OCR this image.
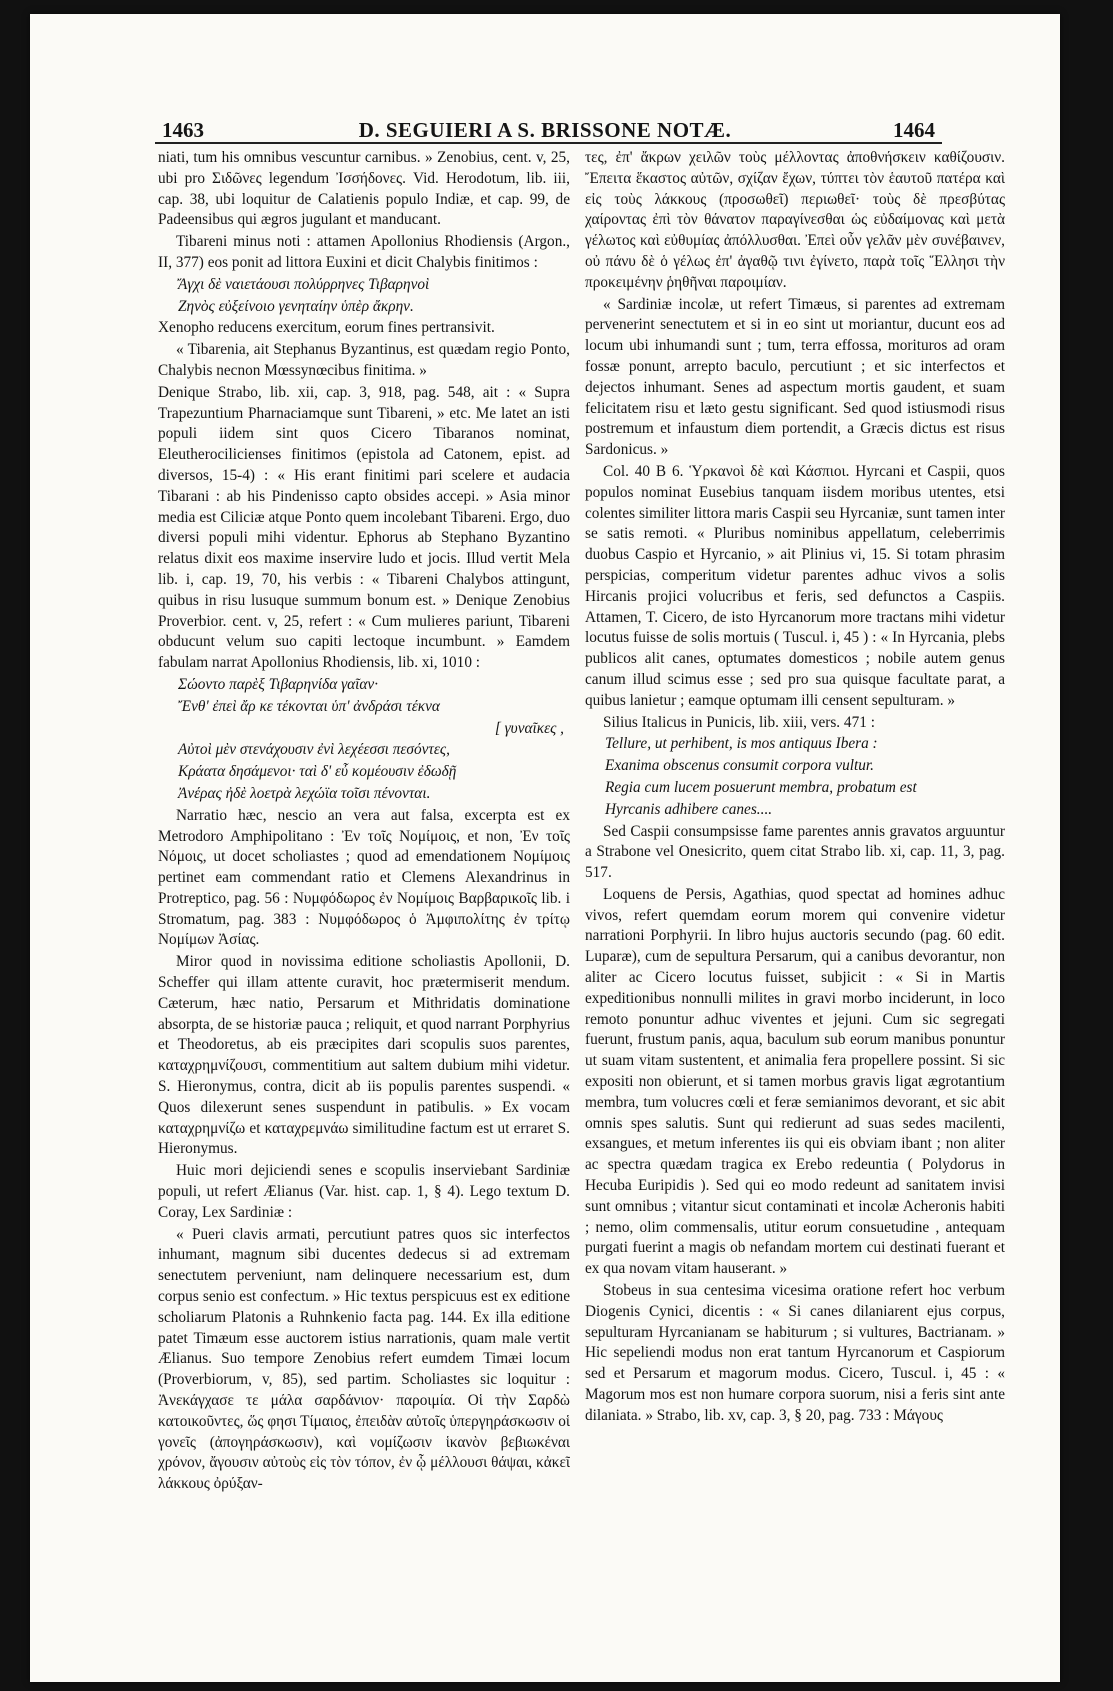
1463	D. SEGUIERI A S. BRISSONE NOTÆ.	1464

niati, tum his omnibus vescuntur carnibus. » Zenobius, cent. v, 25, ubi pro Σιδῶνες legendum Ἰσσήδονες. Vid. Herodotum, lib. iii, cap. 38, ubi loquitur de Calatienis populo Indiæ, et cap. 99, de Padeensibus qui ægros jugulant et manducant.

Tibareni minus noti : attamen Apollonius Rhodiensis (Argon., II, 377) eos ponit ad littora Euxini et dicit Chalybis finitimos :

Ἄγχι δὲ ναιετάουσι πολύρρηνες Τιβαρηνοὶ

Ζηνὸς εὐξείνοιο γενηταίην ὑπὲρ ἄκρην.

Xenopho reducens exercitum, eorum fines pertransivit.

« Tibarenia, ait Stephanus Byzantinus, est quædam regio Ponto, Chalybis necnon Mœssynœcibus finitima. »

Denique Strabo, lib. xii, cap. 3, 918, pag. 548, ait : « Supra Trapezuntium Pharnaciamque sunt Tibareni, » etc. Me latet an isti populi iidem sint quos Cicero Tibaranos nominat, Eleutherocilicienses finitimos (epistola ad Catonem, epist. ad diversos, 15-4) : « His erant finitimi pari scelere et audacia Tibarani : ab his Pindenisso capto obsides accepi. » Asia minor media est Ciliciæ atque Ponto quem incolebant Tibareni. Ergo, duo diversi populi mihi videntur. Ephorus ab Stephano Byzantino relatus dixit eos maxime inservire ludo et jocis. Illud vertit Mela lib. i, cap. 19, 70, his verbis : « Tibareni Chalybos attingunt, quibus in risu lusuque summum bonum est. » Denique Zenobius Proverbior. cent. v, 25, refert : « Cum mulieres pariunt, Tibareni obducunt velum suo capiti lectoque incumbunt. » Eamdem fabulam narrat Apollonius Rhodiensis, lib. xi, 1010 :

Σώοντο παρὲξ Τιβαρηνίδα γαῖαν·

Ἔνθ' ἐπεὶ ἄρ κε τέκονται ὑπ' ἀνδράσι τέκνα

[ γυναῖκες ,

Αὐτοὶ μὲν στενάχουσιν ἐνὶ λεχέεσσι πεσόντες,

Κράατα δησάμενοι· ταὶ δ' εὖ κομέουσιν ἐδωδῇ

Ἀνέρας ἠδὲ λοετρὰ λεχώϊα τοῖσι πένονται.

Narratio hæc, nescio an vera aut falsa, excerpta est ex Metrodoro Amphipolitano : Ἐν τοῖς Νομίμοις, et non, Ἐν τοῖς Νόμοις, ut docet scholiastes ; quod ad emendationem Νομίμοις pertinet eam commendant ratio et Clemens Alexandrinus in Protreptico, pag. 56 : Νυμφόδωρος ἐν Νομίμοις Βαρβαρικοῖς lib. i Stromatum, pag. 383 : Νυμφόδωρος ὁ Ἀμφιπολίτης ἐν τρίτῳ Νομίμων Ἀσίας.

Miror quod in novissima editione scholiastis Apollonii, D. Scheffer qui illam attente curavit, hoc prætermiserit mendum. Cæterum, hæc natio, Persarum et Mithridatis dominatione absorpta, de se historiæ pauca ; reliquit, et quod narrant Porphyrius et Theodoretus, ab eis præcipites dari scopulis suos parentes, καταχρημνίζουσι, commentitium aut saltem dubium mihi videtur. S. Hieronymus, contra, dicit ab iis populis parentes suspendi. « Quos dilexerunt senes suspendunt in patibulis. » Ex vocam καταχρημνίζω et καταχρεμνάω similitudine factum est ut erraret S. Hieronymus.

Huic mori dejiciendi senes e scopulis inserviebant Sardiniæ populi, ut refert Ælianus (Var. hist. cap. 1, § 4). Lego textum D. Coray, Lex Sardiniæ :

« Pueri clavis armati, percutiunt patres quos sic interfectos inhumant, magnum sibi ducentes dedecus si ad extremam senectutem perveniunt, nam delinquere necessarium est, dum corpus senio est confectum. » Hic textus perspicuus est ex editione scholiarum Platonis a Ruhnkenio facta pag. 144. Ex illa editione patet Timæum esse auctorem istius narrationis, quam male vertit Ælianus. Suo tempore Zenobius refert eumdem Timæi locum (Proverbiorum, v, 85), sed partim. Scholiastes sic loquitur : Ἀνεκάγχασε τε μάλα σαρδάνιον· παροιμία. Οἱ τὴν Σαρδὼ κατοικοῦντες, ὥς φησι Τίμαιος, ἐπειδὰν αὐτοῖς ὑπεργηράσκωσιν οἱ γονεῖς (ἀπογηράσκωσιν), καὶ νομίζωσιν ἱκανὸν βεβιωκέναι χρόνον, ἄγουσιν αὐτοὺς εἰς τὸν τόπον, ἐν ᾧ μέλλουσι θάψαι, κἀκεῖ λάκκους ὀρύξαν-

τες, ἐπ' ἄκρων χειλῶν τοὺς μέλλοντας ἀποθνήσκειν καθίζουσιν. Ἔπειτα ἕκαστος αὐτῶν, σχίζαν ἔχων, τύπτει τὸν ἑαυτοῦ πατέρα καὶ εἰς τοὺς λάκκους (προσωθεῖ) περιωθεῖ· τοὺς δὲ πρεσβύτας χαίροντας ἐπὶ τὸν θάνατον παραγίνεσθαι ὡς εὐδαίμονας καὶ μετὰ γέλωτος καὶ εὐθυμίας ἀπόλλυσθαι. Ἐπεὶ οὖν γελᾶν μὲν συνέβαινεν, οὐ πάνυ δὲ ὁ γέλως ἐπ' ἀγαθῷ τινι ἐγίνετο, παρὰ τοῖς Ἕλλησι τὴν προκειμένην ῥηθῆναι παροιμίαν.

« Sardiniæ incolæ, ut refert Timæus, si parentes ad extremam pervenerint senectutem et si in eo sint ut moriantur, ducunt eos ad locum ubi inhumandi sunt ; tum, terra effossa, morituros ad oram fossæ ponunt, arrepto baculo, percutiunt ; et sic interfectos et dejectos inhumant. Senes ad aspectum mortis gaudent, et suam felicitatem risu et læto gestu significant. Sed quod istiusmodi risus postremum et infaustum diem portendit, a Græcis dictus est risus Sardonicus. »

Col. 40 B 6. Ὑρκανοὶ δὲ καὶ Κάσπιοι. Hyrcani et Caspii, quos populos nominat Eusebius tanquam iisdem moribus utentes, etsi colentes similiter littora maris Caspii seu Hyrcaniæ, sunt tamen inter se satis remoti. « Pluribus nominibus appellatum, celeberrimis duobus Caspio et Hyrcanio, » ait Plinius vi, 15. Si totam phrasim perspicias, comperitum videtur parentes adhuc vivos a solis Hircanis projici volucribus et feris, sed defunctos a Caspiis. Attamen, T. Cicero, de isto Hyrcanorum more tractans mihi videtur locutus fuisse de solis mortuis ( Tuscul. i, 45 ) : « In Hyrcania, plebs publicos alit canes, optumates domesticos ; nobile autem genus canum illud scimus esse ; sed pro sua quisque facultate parat, a quibus lanietur ; eamque optumam illi censent sepulturam. »

Silius Italicus in Punicis, lib. xiii, vers. 471 :

Tellure, ut perhibent, is mos antiquus Ibera :

Exanima obscenus consumit corpora vultur.

Regia cum lucem posuerunt membra, probatum est

Hyrcanis adhibere canes....

Sed Caspii consumpsisse fame parentes annis gravatos arguuntur a Strabone vel Onesicrito, quem citat Strabo lib. xi, cap. 11, 3, pag. 517.

Loquens de Persis, Agathias, quod spectat ad homines adhuc vivos, refert quemdam eorum morem qui convenire videtur narrationi Porphyrii. In libro hujus auctoris secundo (pag. 60 edit. Luparæ), cum de sepultura Persarum, qui a canibus devorantur, non aliter ac Cicero locutus fuisset, subjicit : « Si in Martis expeditionibus nonnulli milites in gravi morbo inciderunt, in loco remoto ponuntur adhuc viventes et jejuni. Cum sic segregati fuerunt, frustum panis, aqua, baculum sub eorum manibus ponuntur ut suam vitam sustentent, et animalia fera propellere possint. Si sic expositi non obierunt, et si tamen morbus gravis ligat ægrotantium membra, tum volucres cœli et feræ semianimos devorant, et sic abit omnis spes salutis. Sunt qui redierunt ad suas sedes macilenti, exsangues, et metum inferentes iis qui eis obviam ibant ; non aliter ac spectra quædam tragica ex Erebo redeuntia ( Polydorus in Hecuba Euripidis ). Sed qui eo modo redeunt ad sanitatem invisi sunt omnibus ; vitantur sicut contaminati et incolæ Acheronis habiti ; nemo, olim commensalis, utitur eorum consuetudine , antequam purgati fuerint a magis ob nefandam mortem cui destinati fuerant et ex qua novam vitam hauserant. »

Stobeus in sua centesima vicesima oratione refert hoc verbum Diogenis Cynici, dicentis : « Si canes dilaniarent ejus corpus, sepulturam Hyrcanianam se habiturum ; si vultures, Bactrianam. » Hic sepeliendi modus non erat tantum Hyrcanorum et Caspiorum sed et Persarum et magorum modus. Cicero, Tuscul. i, 45 : « Magorum mos est non humare corpora suorum, nisi a feris sint ante dilaniata. » Strabo, lib. xv, cap. 3, § 20, pag. 733 : Μάγους
